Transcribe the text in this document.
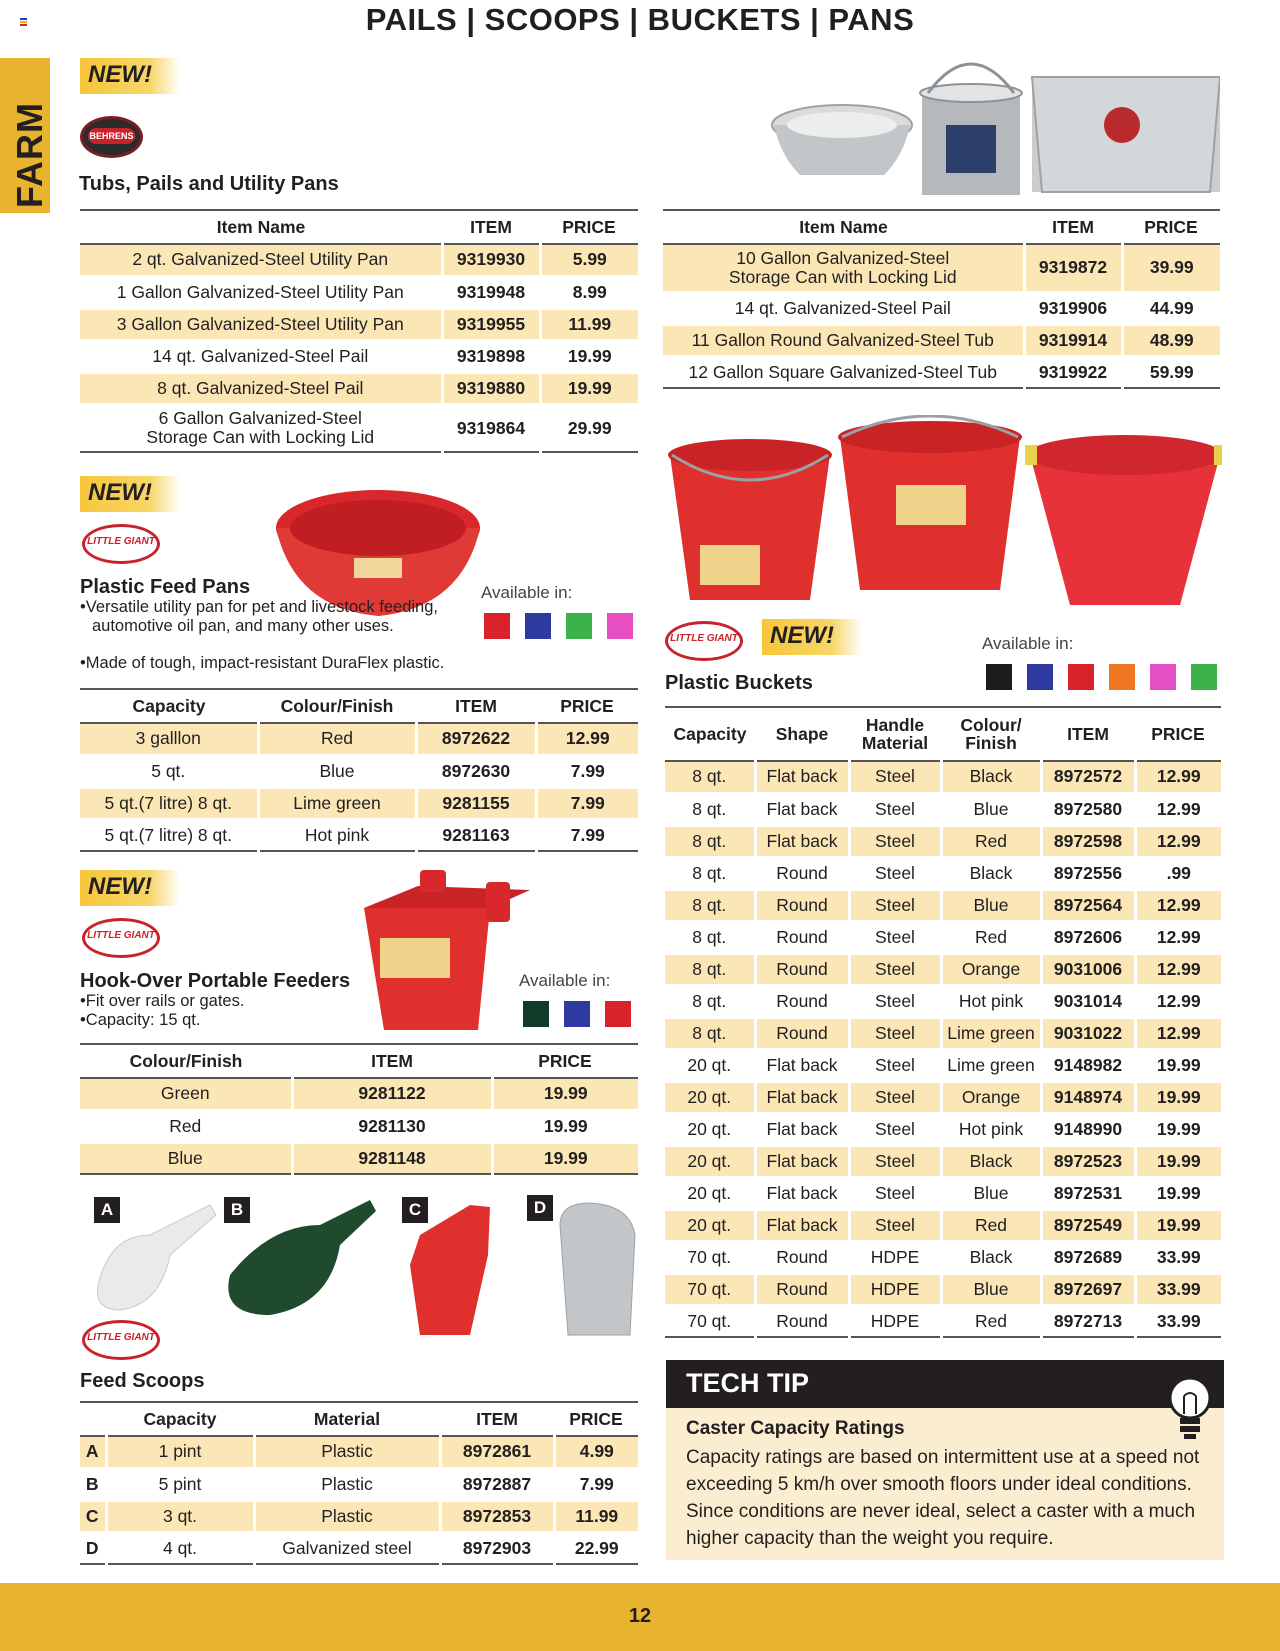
PAILS | SCOOPS | BUCKETS | PANS
FARM
NEW!
BEHRENS
Tubs, Pails and Utility Pans
Item Name	ITEM	PRICE
2 qt. Galvanized-Steel Utility Pan	9319930	5.99
1 Gallon Galvanized-Steel Utility Pan	9319948	8.99
3 Gallon Galvanized-Steel Utility Pan	9319955	11.99
14 qt. Galvanized-Steel Pail	9319898	19.99
8 qt. Galvanized-Steel Pail	9319880	19.99
6 Gallon Galvanized-Steel Storage Can with Locking Lid	9319864	29.99
Item Name	ITEM	PRICE
10 Gallon Galvanized-Steel Storage Can with Locking Lid	9319872	39.99
14 qt. Galvanized-Steel Pail	9319906	44.99
11 Gallon Round Galvanized-Steel Tub	9319914	48.99
12 Gallon Square Galvanized-Steel Tub	9319922	59.99
NEW!
LITTLE GIANT
Plastic Feed Pans
•Versatile utility pan for pet and livestock feeding, automotive oil pan, and many other uses.
•Made of tough, impact-resistant DuraFlex plastic.
Available in:
Capacity	Colour/Finish	ITEM	PRICE
3 galllon	Red	8972622	12.99
5 qt.	Blue	8972630	7.99
5 qt.(7 litre) 8 qt.	Lime green	9281155	7.99
5 qt.(7 litre) 8 qt.	Hot pink	9281163	7.99
NEW!
LITTLE GIANT
Hook-Over Portable Feeders
•Fit over rails or gates.
•Capacity: 15 qt.
Available in:
Colour/Finish	ITEM	PRICE
Green	9281122	19.99
Red	9281130	19.99
Blue	9281148	19.99
A	B	C	D
LITTLE GIANT
Feed Scoops
	Capacity	Material	ITEM	PRICE
A	1 pint	Plastic	8972861	4.99
B	5 pint	Plastic	8972887	7.99
C	3 qt.	Plastic	8972853	11.99
D	4 qt.	Galvanized steel	8972903	22.99
LITTLE GIANT	NEW!
Plastic Buckets
Available in:
Capacity	Shape	Handle Material	Colour/ Finish	ITEM	PRICE
8 qt.	Flat back	Steel	Black	8972572	12.99
8 qt.	Flat back	Steel	Blue	8972580	12.99
8 qt.	Flat back	Steel	Red	8972598	12.99
8 qt.	Round	Steel	Black	8972556	.99
8 qt.	Round	Steel	Blue	8972564	12.99
8 qt.	Round	Steel	Red	8972606	12.99
8 qt.	Round	Steel	Orange	9031006	12.99
8 qt.	Round	Steel	Hot pink	9031014	12.99
8 qt.	Round	Steel	Lime green	9031022	12.99
20 qt.	Flat back	Steel	Lime green	9148982	19.99
20 qt.	Flat back	Steel	Orange	9148974	19.99
20 qt.	Flat back	Steel	Hot pink	9148990	19.99
20 qt.	Flat back	Steel	Black	8972523	19.99
20 qt.	Flat back	Steel	Blue	8972531	19.99
20 qt.	Flat back	Steel	Red	8972549	19.99
70 qt.	Round	HDPE	Black	8972689	33.99
70 qt.	Round	HDPE	Blue	8972697	33.99
70 qt.	Round	HDPE	Red	8972713	33.99
TECH TIP
Caster Capacity Ratings
Capacity ratings are based on intermittent use at a speed not exceeding 5 km/h over smooth floors under ideal conditions. Since conditions are never ideal, select a caster with a much higher capacity than the weight you require.
12
